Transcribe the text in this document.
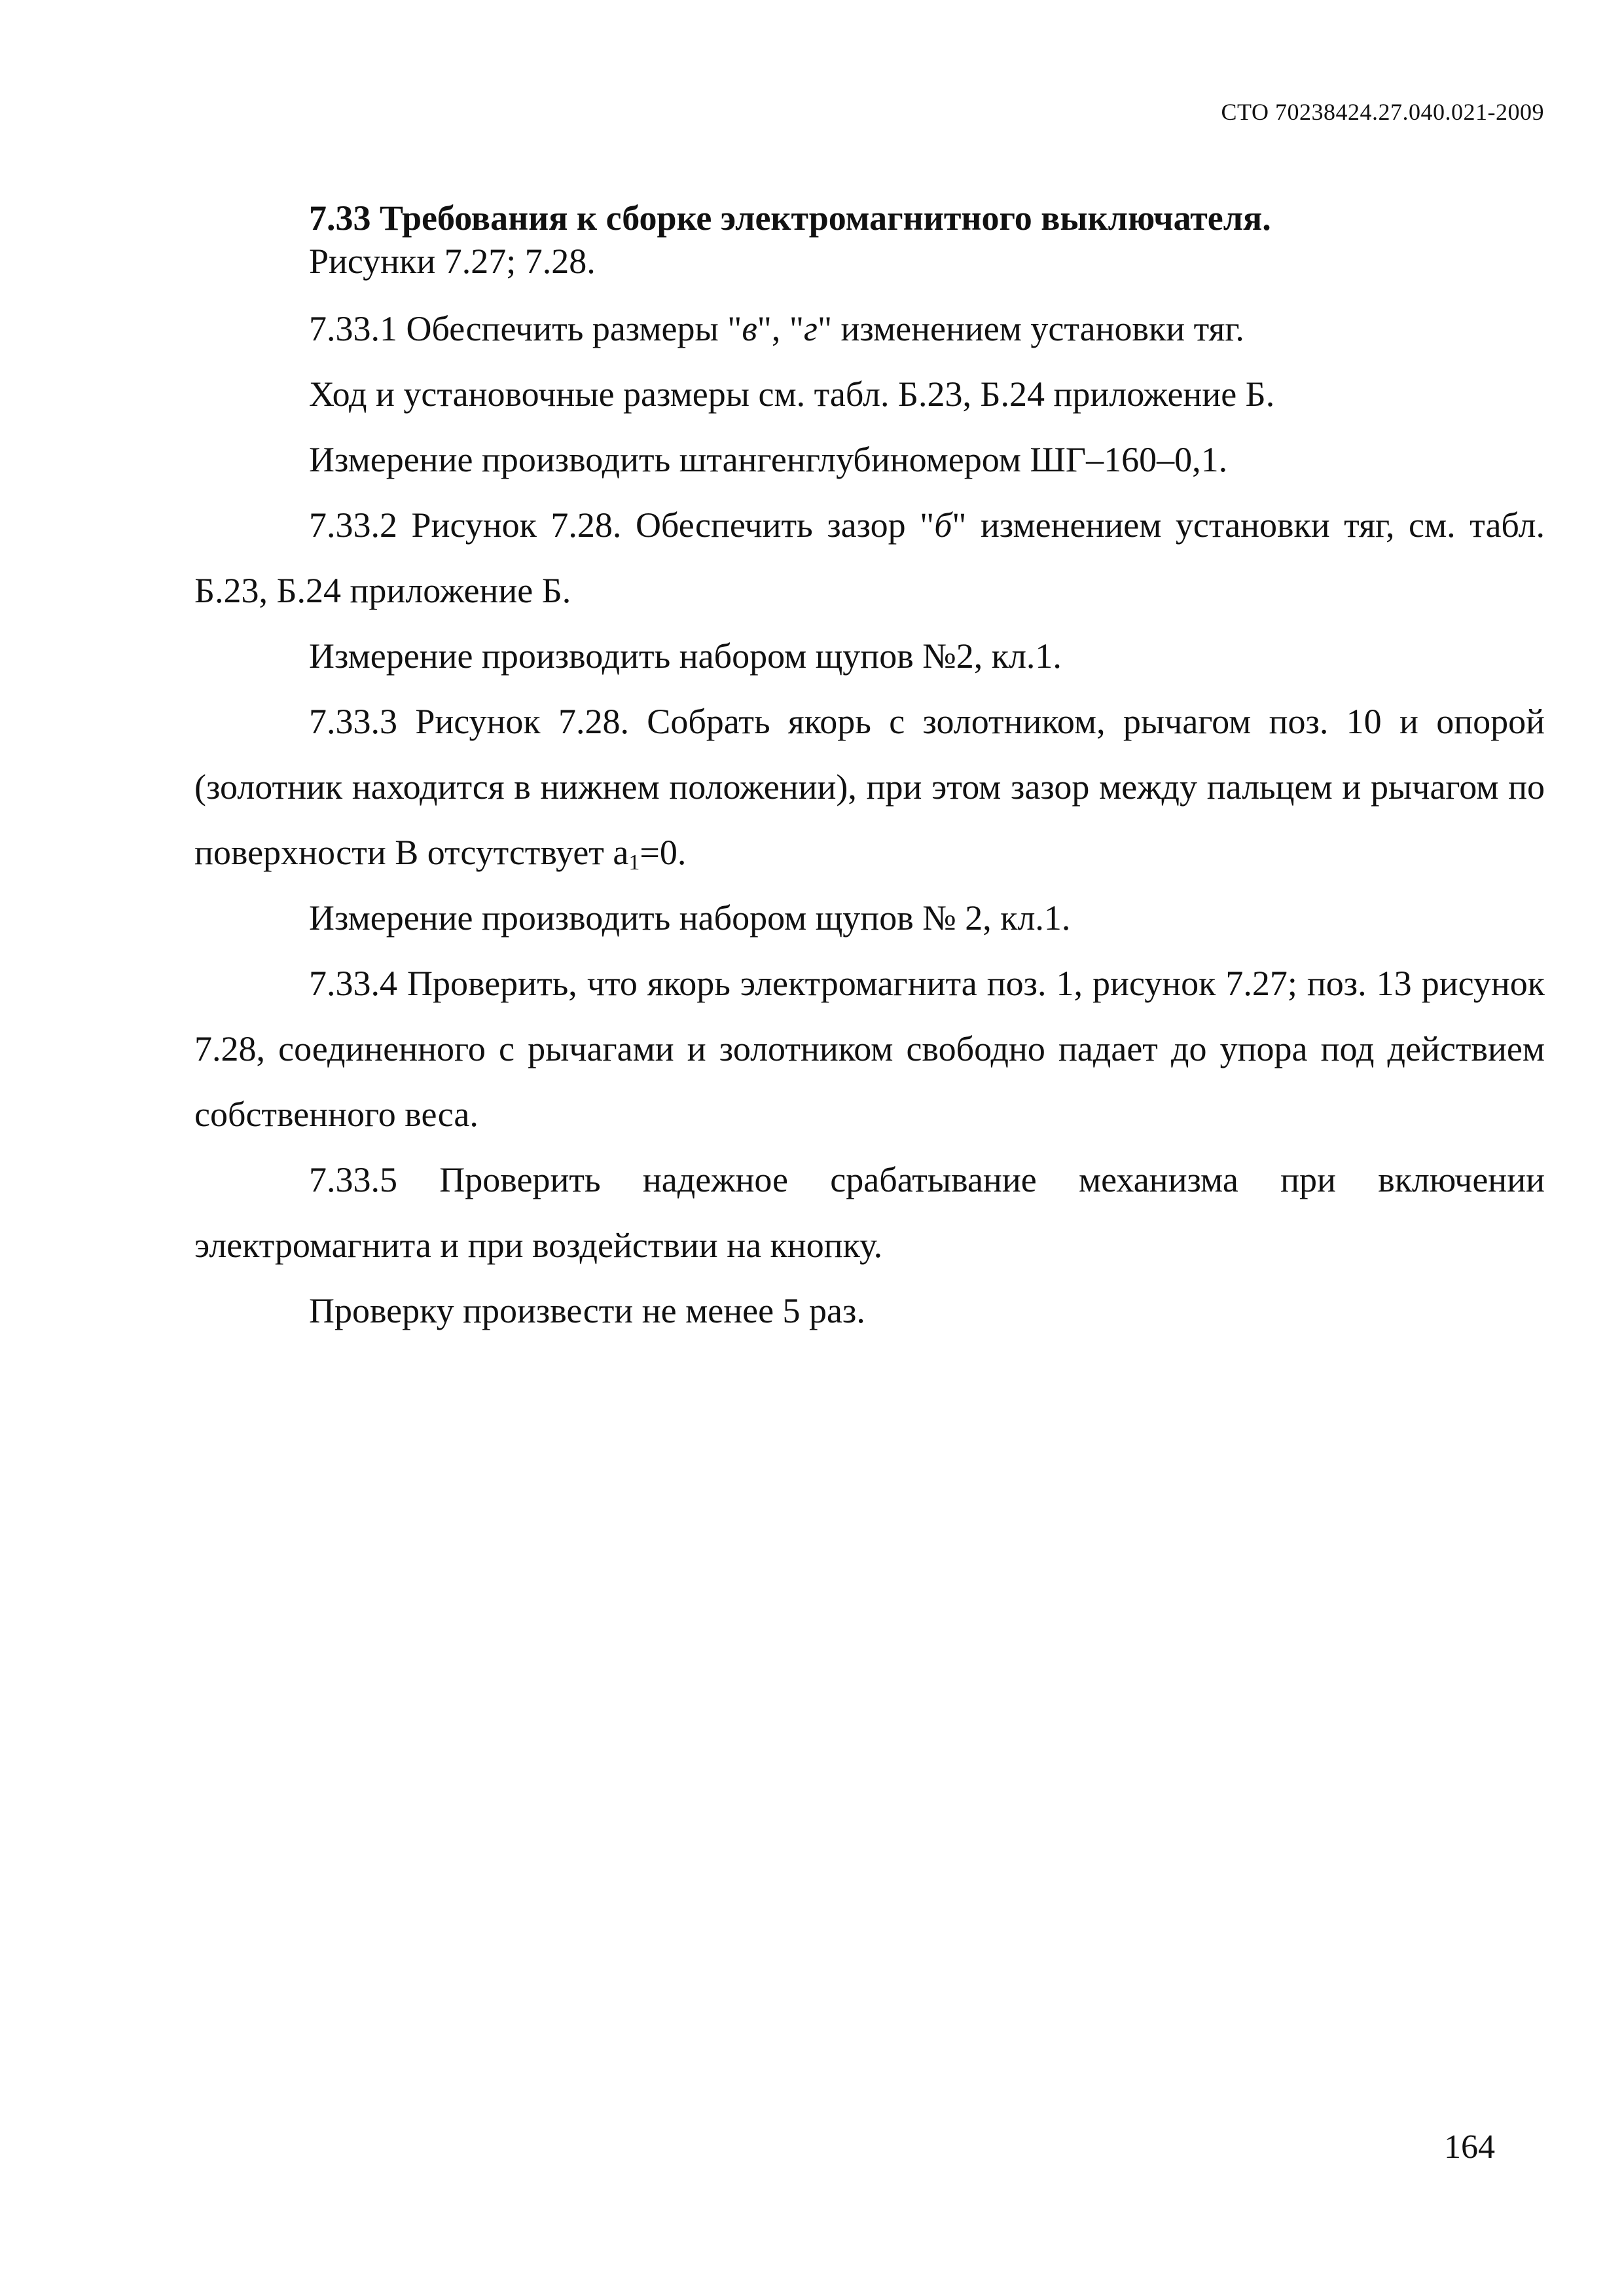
СТО 70238424.27.040.021-2009

7.33 Требования к сборке электромагнитного выключателя.

Рисунки 7.27; 7.28.

7.33.1 Обеспечить размеры "в", "г" изменением установки тяг.

Ход и установочные размеры см. табл. Б.23, Б.24 приложение Б.

Измерение производить штангенглубиномером ШГ–160–0,1.

7.33.2 Рисунок 7.28. Обеспечить зазор "б" изменением установки тяг, см. табл. Б.23, Б.24 приложение Б.

Измерение производить набором щупов №2, кл.1.

7.33.3 Рисунок 7.28. Собрать якорь с золотником, рычагом поз. 10 и опорой (золотник находится в нижнем положении), при этом зазор между пальцем и рычагом по поверхности В отсутствует $а_1=0$.

Измерение производить набором щупов № 2, кл.1.

7.33.4 Проверить, что якорь электромагнита поз. 1, рисунок 7.27; поз. 13 рисунок 7.28, соединенного с рычагами и золотником свободно падает до упора под действием собственного веса.

7.33.5 Проверить надежное срабатывание механизма при включении электромагнита и при воздействии на кнопку.

Проверку произвести не менее 5 раз.

164
